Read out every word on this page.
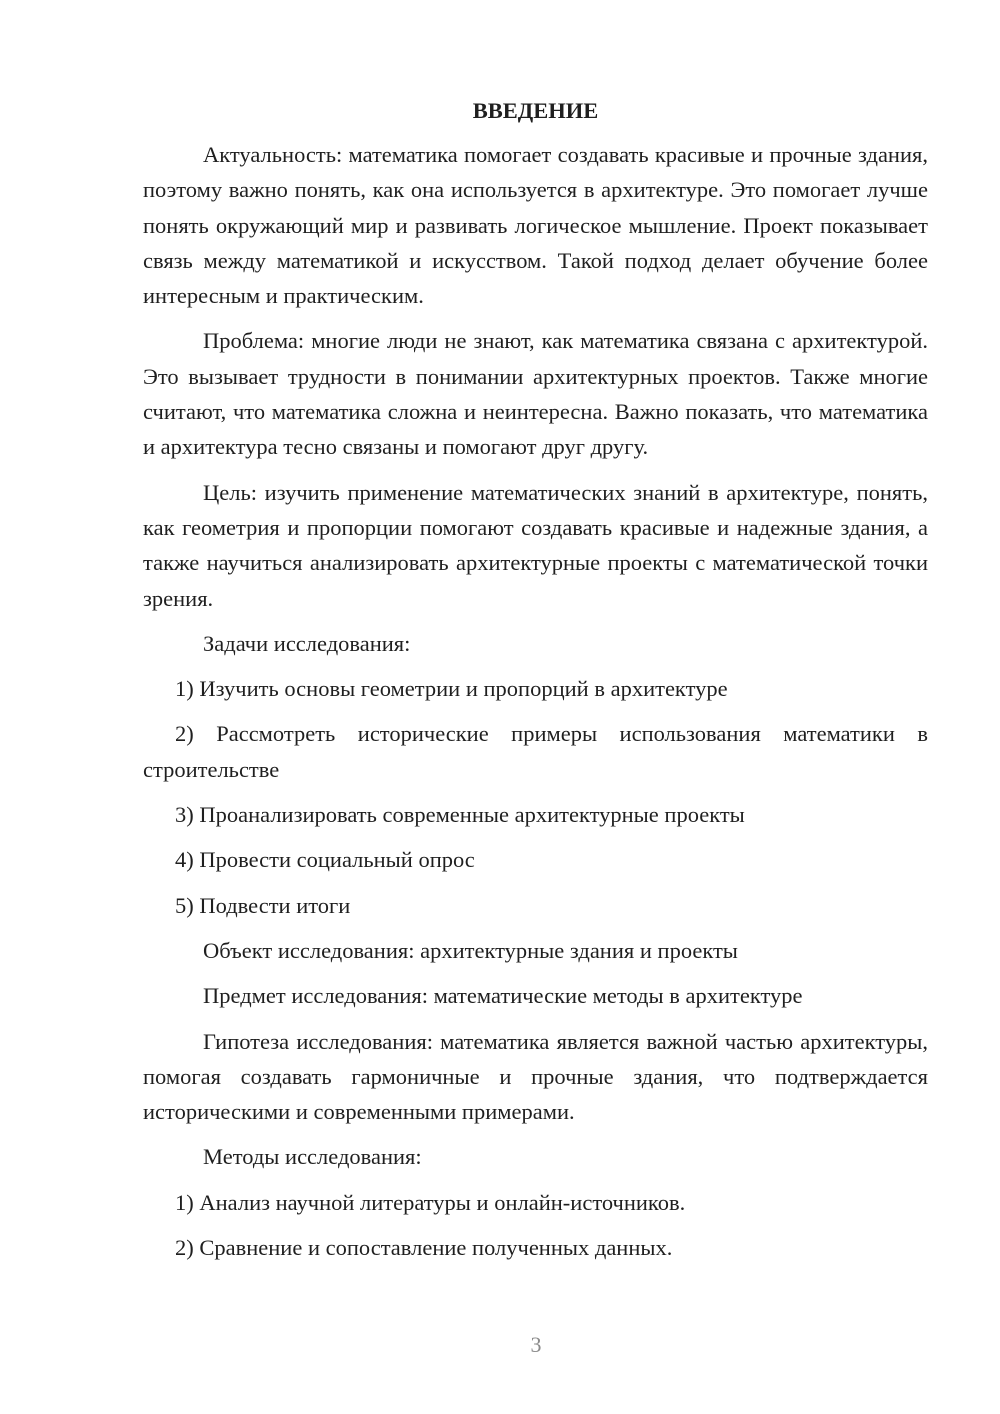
ВВЕДЕНИЕ

Актуальность: математика помогает создавать красивые и прочные здания, поэтому важно понять, как она используется в архитектуре. Это помогает лучше понять окружающий мир и развивать логическое мышление. Проект показывает связь между математикой и искусством. Такой подход делает обучение более интересным и практическим.

Проблема: многие люди не знают, как математика связана с архитектурой. Это вызывает трудности в понимании архитектурных проектов. Также многие считают, что математика сложна и неинтересна. Важно показать, что математика и архитектура тесно связаны и помогают друг другу.

Цель: изучить применение математических знаний в архитектуре, понять, как геометрия и пропорции помогают создавать красивые и надежные здания, а также научиться анализировать архитектурные проекты с математической точки зрения.

Задачи исследования:

1) Изучить основы геометрии и пропорций в архитектуре

2) Рассмотреть исторические примеры использования математики в строительстве

3) Проанализировать современные архитектурные проекты

4) Провести социальный опрос

5) Подвести итоги

Объект исследования: архитектурные здания и проекты

Предмет исследования: математические методы в архитектуре

Гипотеза исследования: математика является важной частью архитектуры, помогая создавать гармоничные и прочные здания, что подтверждается историческими и современными примерами.

Методы исследования:

1) Анализ научной литературы и онлайн-источников.

2) Сравнение и сопоставление полученных данных.

3
